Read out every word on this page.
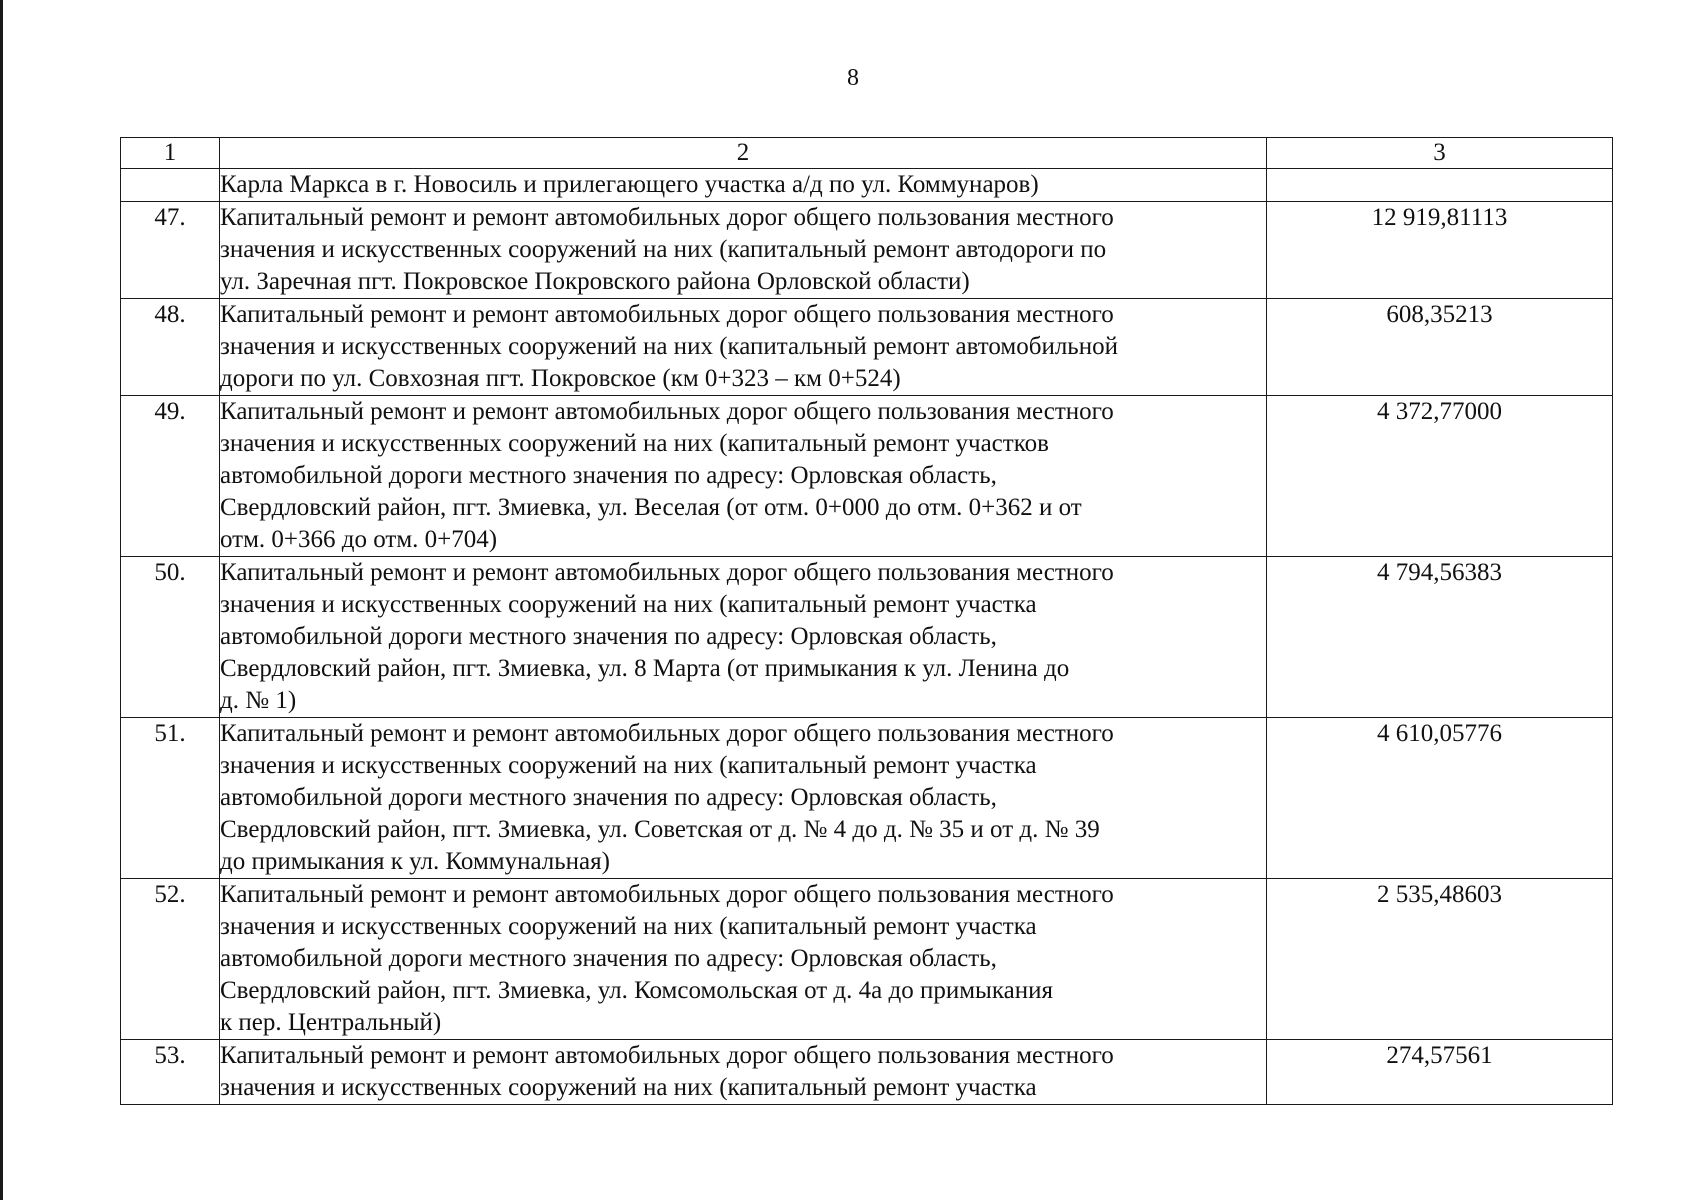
8
1	2	3

	Карла Маркса в г. Новосиль и прилегающего участка а/д по ул. Коммунаров)	

47.	Капитальный ремонт и ремонт автомобильных дорог общего пользования местного
значения и искусственных сооружений на них (капитальный ремонт автодороги по
ул. Заречная пгт. Покровское Покровского района Орловской области)	12 919,81113
48.	Капитальный ремонт и ремонт автомобильных дорог общего пользования местного
значения и искусственных сооружений на них (капитальный ремонт автомобильной
дороги по ул. Совхозная пгт. Покровское (км 0+323 – км 0+524)	608,35213
49.	Капитальный ремонт и ремонт автомобильных дорог общего пользования местного
значения и искусственных сооружений на них (капитальный ремонт участков
автомобильной дороги местного значения по адресу: Орловская область,
Свердловский район, пгт. Змиевка, ул. Веселая (от отм. 0+000 до отм. 0+362 и от
отм. 0+366 до отм. 0+704)	4 372,77000
50.	Капитальный ремонт и ремонт автомобильных дорог общего пользования местного
значения и искусственных сооружений на них (капитальный ремонт участка
автомобильной дороги местного значения по адресу: Орловская область,
Свердловский район, пгт. Змиевка, ул. 8 Марта (от примыкания к ул. Ленина до
д. № 1)	4 794,56383
51.	Капитальный ремонт и ремонт автомобильных дорог общего пользования местного
значения и искусственных сооружений на них (капитальный ремонт участка
автомобильной дороги местного значения по адресу: Орловская область,
Свердловский район, пгт. Змиевка, ул. Советская от д. № 4 до д. № 35 и от д. № 39
до примыкания к ул. Коммунальная)	4 610,05776
52.	Капитальный ремонт и ремонт автомобильных дорог общего пользования местного
значения и искусственных сооружений на них (капитальный ремонт участка
автомобильной дороги местного значения по адресу: Орловская область,
Свердловский район, пгт. Змиевка, ул. Комсомольская от д. 4а до примыкания
к пер. Центральный)	2 535,48603
53.	Капитальный ремонт и ремонт автомобильных дорог общего пользования местного
значения и искусственных сооружений на них (капитальный ремонт участка	274,57561
